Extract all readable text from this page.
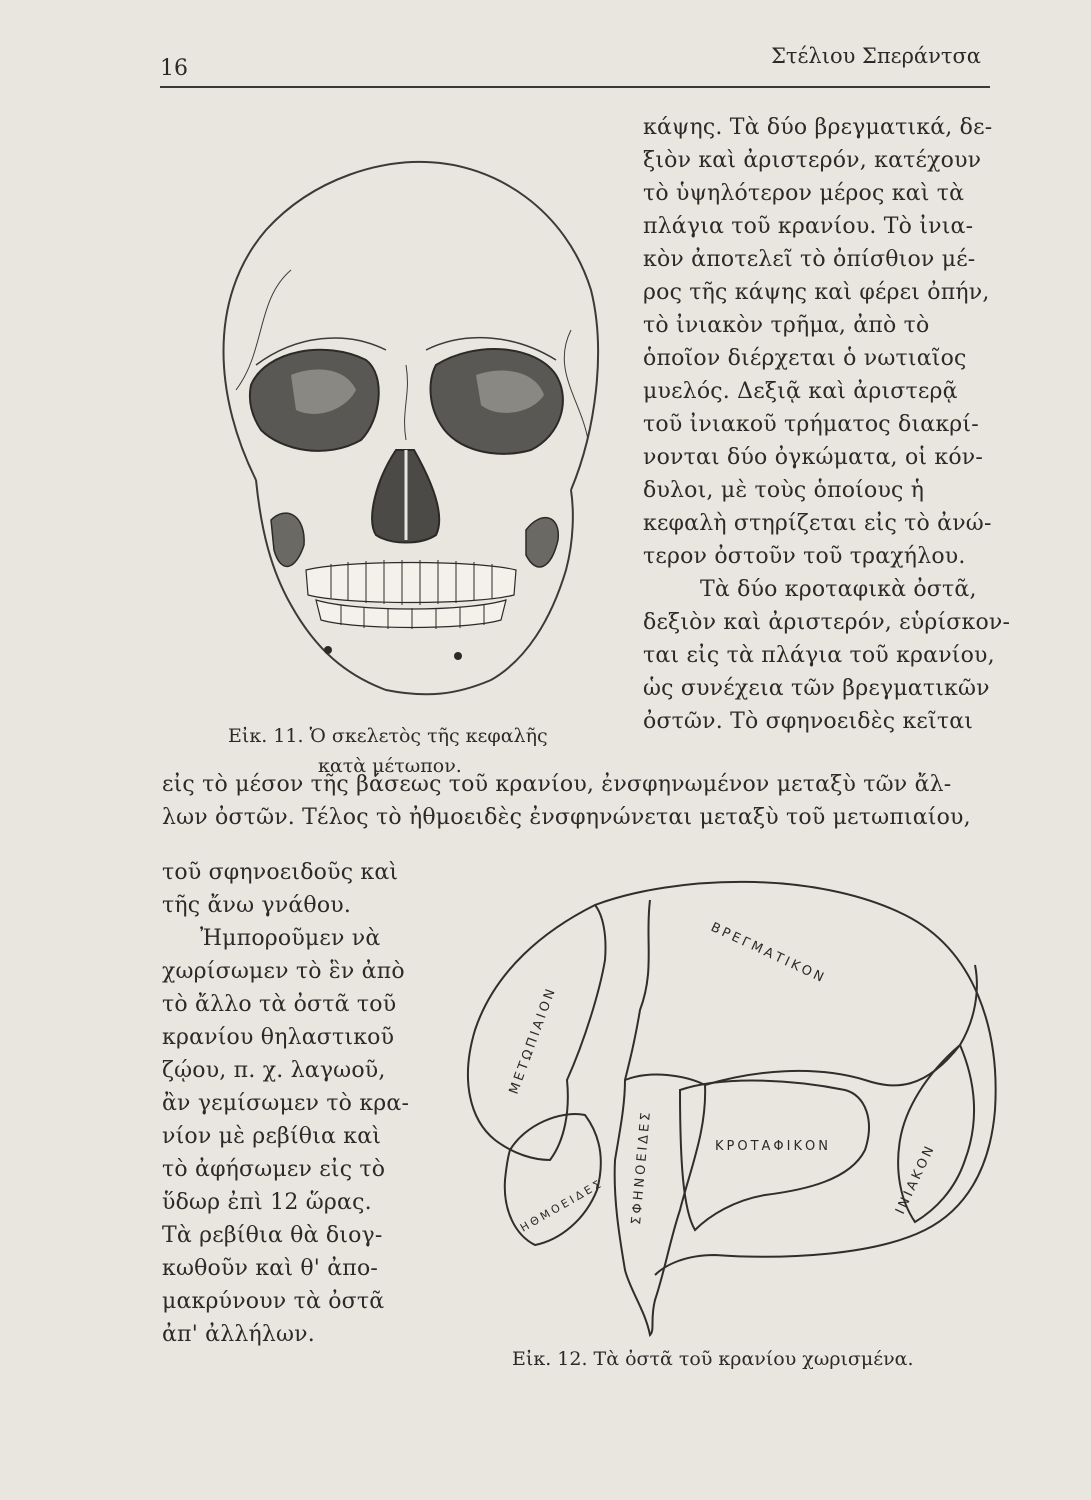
16	Στέλιου Σπεράντσα
Εἰκ. 11. Ὁ σκελετὸς τῆς κεφαλῆς
κατὰ μέτωπον.
κάψης. Τὰ δύο βρεγματικά, δε-
ξιὸν καὶ ἀριστερόν, κατέχουν
τὸ ὑψηλότερον μέρος καὶ τὰ
πλάγια τοῦ κρανίου. Τὸ ἰνια-
κὸν ἀποτελεῖ τὸ ὀπίσθιον μέ-
ρος τῆς κάψης καὶ φέρει ὀπήν,
τὸ ἰνιακὸν τρῆμα, ἀπὸ τὸ
ὁποῖον διέρχεται ὁ νωτιαῖος
μυελός. Δεξιᾷ καὶ ἀριστερᾷ
τοῦ ἰνιακοῦ τρήματος διακρί-
νονται δύο ὀγκώματα, οἱ κόν-
δυλοι, μὲ τοὺς ὁποίους ἡ
κεφαλὴ στηρίζεται εἰς τὸ ἀνώ-
τερον ὀστοῦν τοῦ τραχήλου.
Τὰ δύο κροταφικὰ ὀστᾶ,
δεξιὸν καὶ ἀριστερόν, εὑρίσκον-
ται εἰς τὰ πλάγια τοῦ κρανίου,
ὡς συνέχεια τῶν βρεγματικῶν
ὀστῶν. Τὸ σφηνοειδὲς κεῖται
εἰς τὸ μέσον τῆς βάσεως τοῦ κρανίου, ἐνσφηνωμένον μεταξὺ τῶν ἄλ-
λων ὀστῶν. Τέλος τὸ ἠθμοειδὲς ἐνσφηνώνεται μεταξὺ τοῦ μετωπιαίου,
τοῦ σφηνοειδοῦς καὶ
τῆς ἄνω γνάθου.
Ἠμποροῦμεν νὰ
χωρίσωμεν τὸ ἓν ἀπὸ
τὸ ἄλλο τὰ ὀστᾶ τοῦ
κρανίου θηλαστικοῦ
ζῴου, π. χ. λαγωοῦ,
ἂν γεμίσωμεν τὸ κρα-
νίον μὲ ρεβίθια καὶ
τὸ ἀφήσωμεν εἰς τὸ
ὕδωρ ἐπὶ 12 ὥρας.
Τὰ ρεβίθια θὰ διογ-
κωθοῦν καὶ θ' ἀπο-
μακρύνουν τὰ ὀστᾶ
ἀπ' ἀλλήλων.
ΒΡΕΓΜΑΤΙΚΟΝ
ΜΕΤΩΠΙΑΙΟΝ
ΣΦΗΝΟΕΙΔΕΣ	ΚΡΟΤΑΦΙΚΟΝ	ΙΝΙΑΚΟΝ
ΗΘΜΟΕΙΔΕΣ
Εἰκ. 12. Τὰ ὀστᾶ τοῦ κρανίου χωρισμένα.
